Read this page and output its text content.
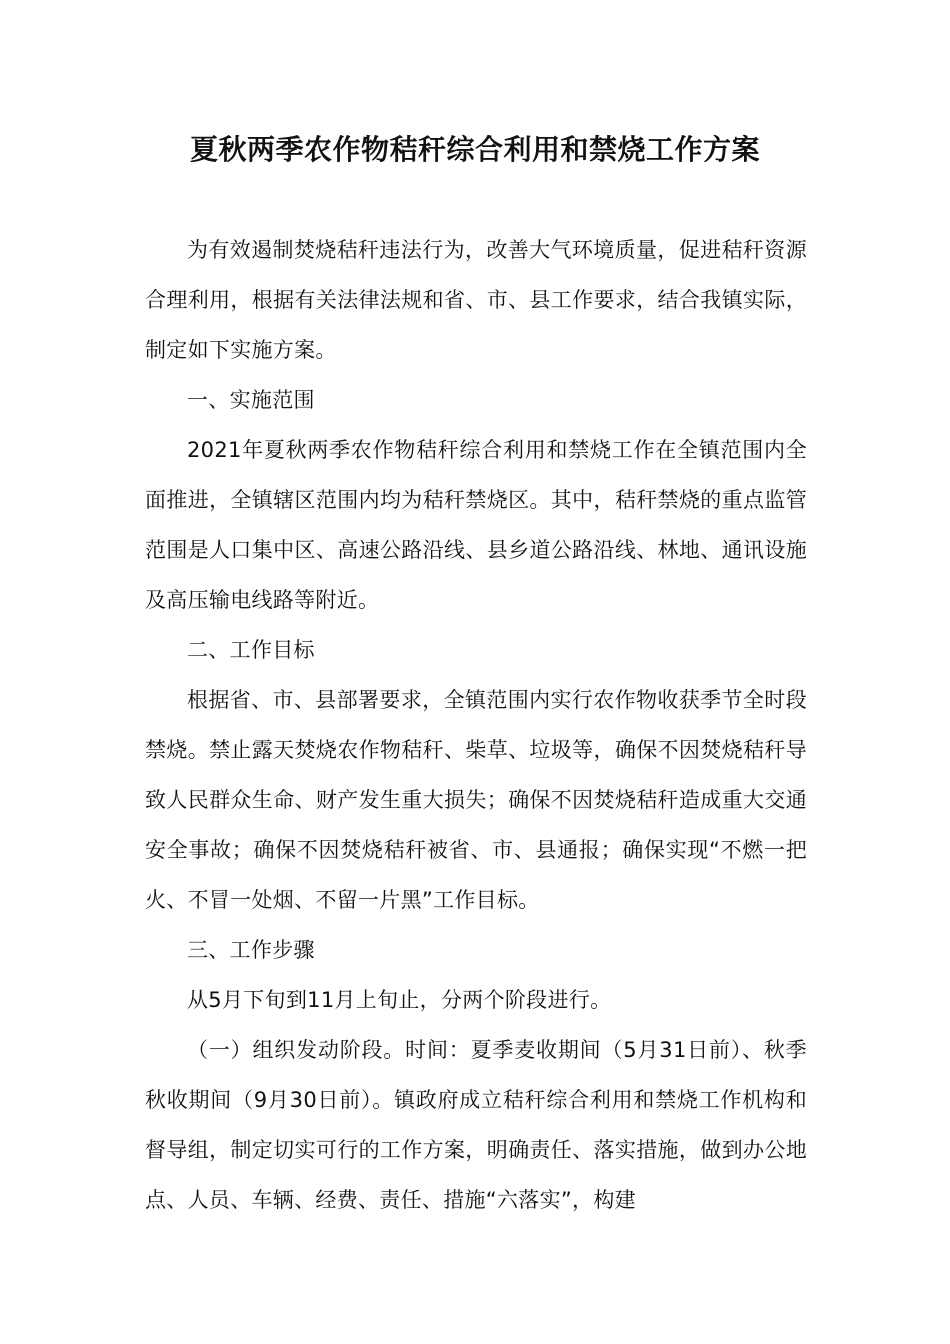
夏秋两季农作物秸秆综合利用和禁烧工作方案

为有效遏制焚烧秸秆违法行为，改善大气环境质量，促进秸秆资源合理利用，根据有关法律法规和省、市、县工作要求，结合我镇实际，制定如下实施方案。

一、实施范围

2021年夏秋两季农作物秸秆综合利用和禁烧工作在全镇范围内全面推进，全镇辖区范围内均为秸秆禁烧区。其中，秸秆禁烧的重点监管范围是人口集中区、高速公路沿线、县乡道公路沿线、林地、通讯设施及高压输电线路等附近。

二、工作目标

根据省、市、县部署要求，全镇范围内实行农作物收获季节全时段禁烧。禁止露天焚烧农作物秸秆、柴草、垃圾等，确保不因焚烧秸秆导致人民群众生命、财产发生重大损失；确保不因焚烧秸秆造成重大交通安全事故；确保不因焚烧秸秆被省、市、县通报；确保实现“不燃一把火、不冒一处烟、不留一片黑”工作目标。

三、工作步骤

从5月下旬到11月上旬止，分两个阶段进行。

（一）组织发动阶段。时间：夏季麦收期间（5月31日前）、秋季秋收期间（9月30日前）。镇政府成立秸秆综合利用和禁烧工作机构和督导组，制定切实可行的工作方案，明确责任、落实措施，做到办公地点、人员、车辆、经费、责任、措施“六落实”，构建
